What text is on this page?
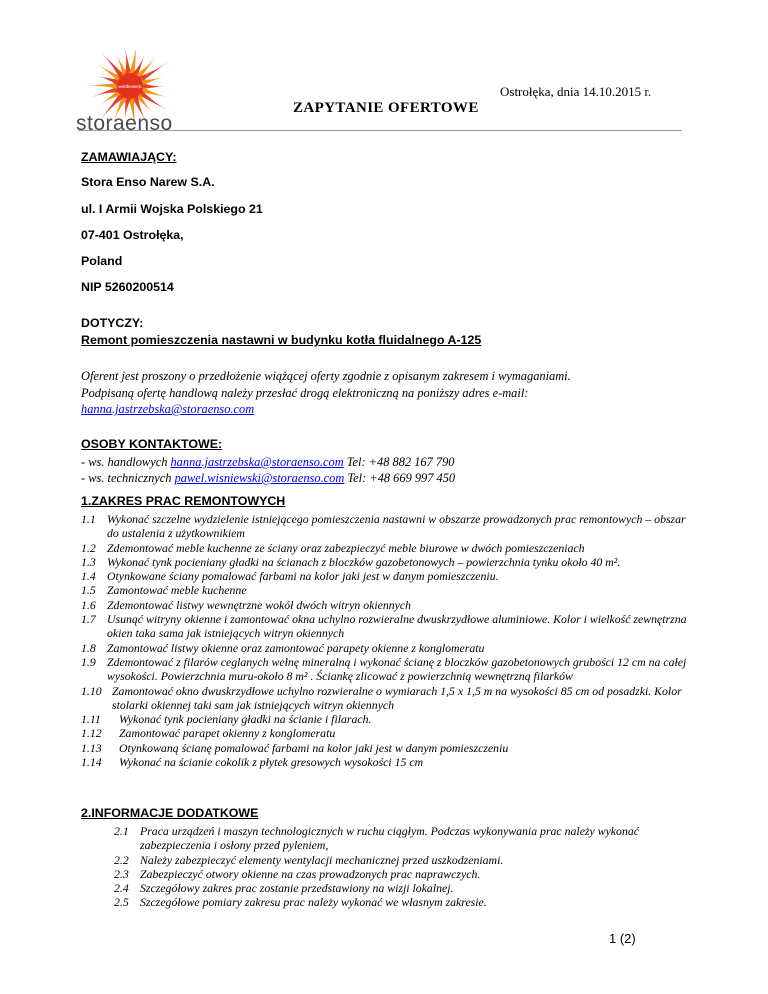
wettbewerb
storaenso
Ostrołęka, dnia 14.10.2015 r.
ZAPYTANIE OFERTOWE
ZAMAWIAJĄCY:
Stora Enso Narew S.A.
ul. I Armii Wojska Polskiego 21
07-401 Ostrołęka,
Poland
NIP 5260200514
DOTYCZY:
Remont pomieszczenia nastawni w budynku kotła fluidalnego A-125
Oferent jest proszony o przedłożenie wiążącej oferty zgodnie z opisanym zakresem i wymaganiami.
Podpisaną ofertę handlową należy przesłać drogą elektroniczną na poniższy adres e-mail:
hanna.jastrzebska@storaenso.com
OSOBY KONTAKTOWE:
- ws. handlowych hanna.jastrzebska@storaenso.com Tel: +48 882 167 790
- ws. technicznych pawel.wisniewski@storaenso.com Tel: +48 669 997 450
1.ZAKRES PRAC REMONTOWYCH
1.1 Wykonać szczelne wydzielenie istniejącego pomieszczenia nastawni w obszarze prowadzonych prac remontowych – obszar do ustalenia z użytkownikiem
1.2 Zdemontować meble kuchenne ze ściany oraz zabezpieczyć meble biurowe w dwóch pomieszczeniach
1.3 Wykonać tynk pocieniany gładki na ścianach z bloczków gazobetonowych – powierzchnia tynku około 40 m².
1.4 Otynkowane ściany pomalować farbami na kolor jaki jest w danym pomieszczeniu.
1.5 Zamontować meble kuchenne
1.6 Zdemontować listwy wewnętrzne wokół dwóch witryn okiennych
1.7 Usunąć witryny okienne i zamontować okna uchylno rozwieralne dwuskrzydłowe aluminiowe. Kolor i wielkość zewnętrzna okien taka sama jak istniejących witryn okiennych
1.8 Zamontować listwy okienne oraz zamontować parapety okienne z konglomeratu
1.9 Zdemontować z filarów ceglanych wełnę mineralną i wykonać ścianę z bloczków gazobetonowych grubości 12 cm na całej wysokości. Powierzchnia muru-około 8 m² . Ściankę zlicować z powierzchnią wewnętrzną filarków
1.10 Zamontować okno dwuskrzydłowe uchylno rozwieralne o wymiarach 1,5 x 1,5 m na wysokości 85 cm od posadzki. Kolor stolarki okiennej taki sam jak istniejących witryn okiennych
1.11	Wykonać tynk pocieniany gładki na ścianie i filarach.
1.12	Zamontować parapet okienny z konglomeratu
1.13	Otynkowaną ścianę pomalować farbami na kolor jaki jest w danym pomieszczeniu
1.14	Wykonać na ścianie cokolik z płytek gresowych wysokości 15 cm
2.INFORMACJE DODATKOWE
2.1 Praca urządzeń i maszyn technologicznych w ruchu ciągłym. Podczas wykonywania prac należy wykonać zabezpieczenia i osłony przed pyleniem,
2.2 Należy zabezpieczyć elementy wentylacji mechanicznej przed uszkodzeniami.
2.3 Zabezpieczyć otwory okienne na czas prowadzonych prac naprawczych.
2.4 Szczegółowy zakres prac zostanie przedstawiony na wizji lokalnej.
2.5 Szczegółowe pomiary zakresu prac należy wykonać we własnym zakresie.
1 (2)
